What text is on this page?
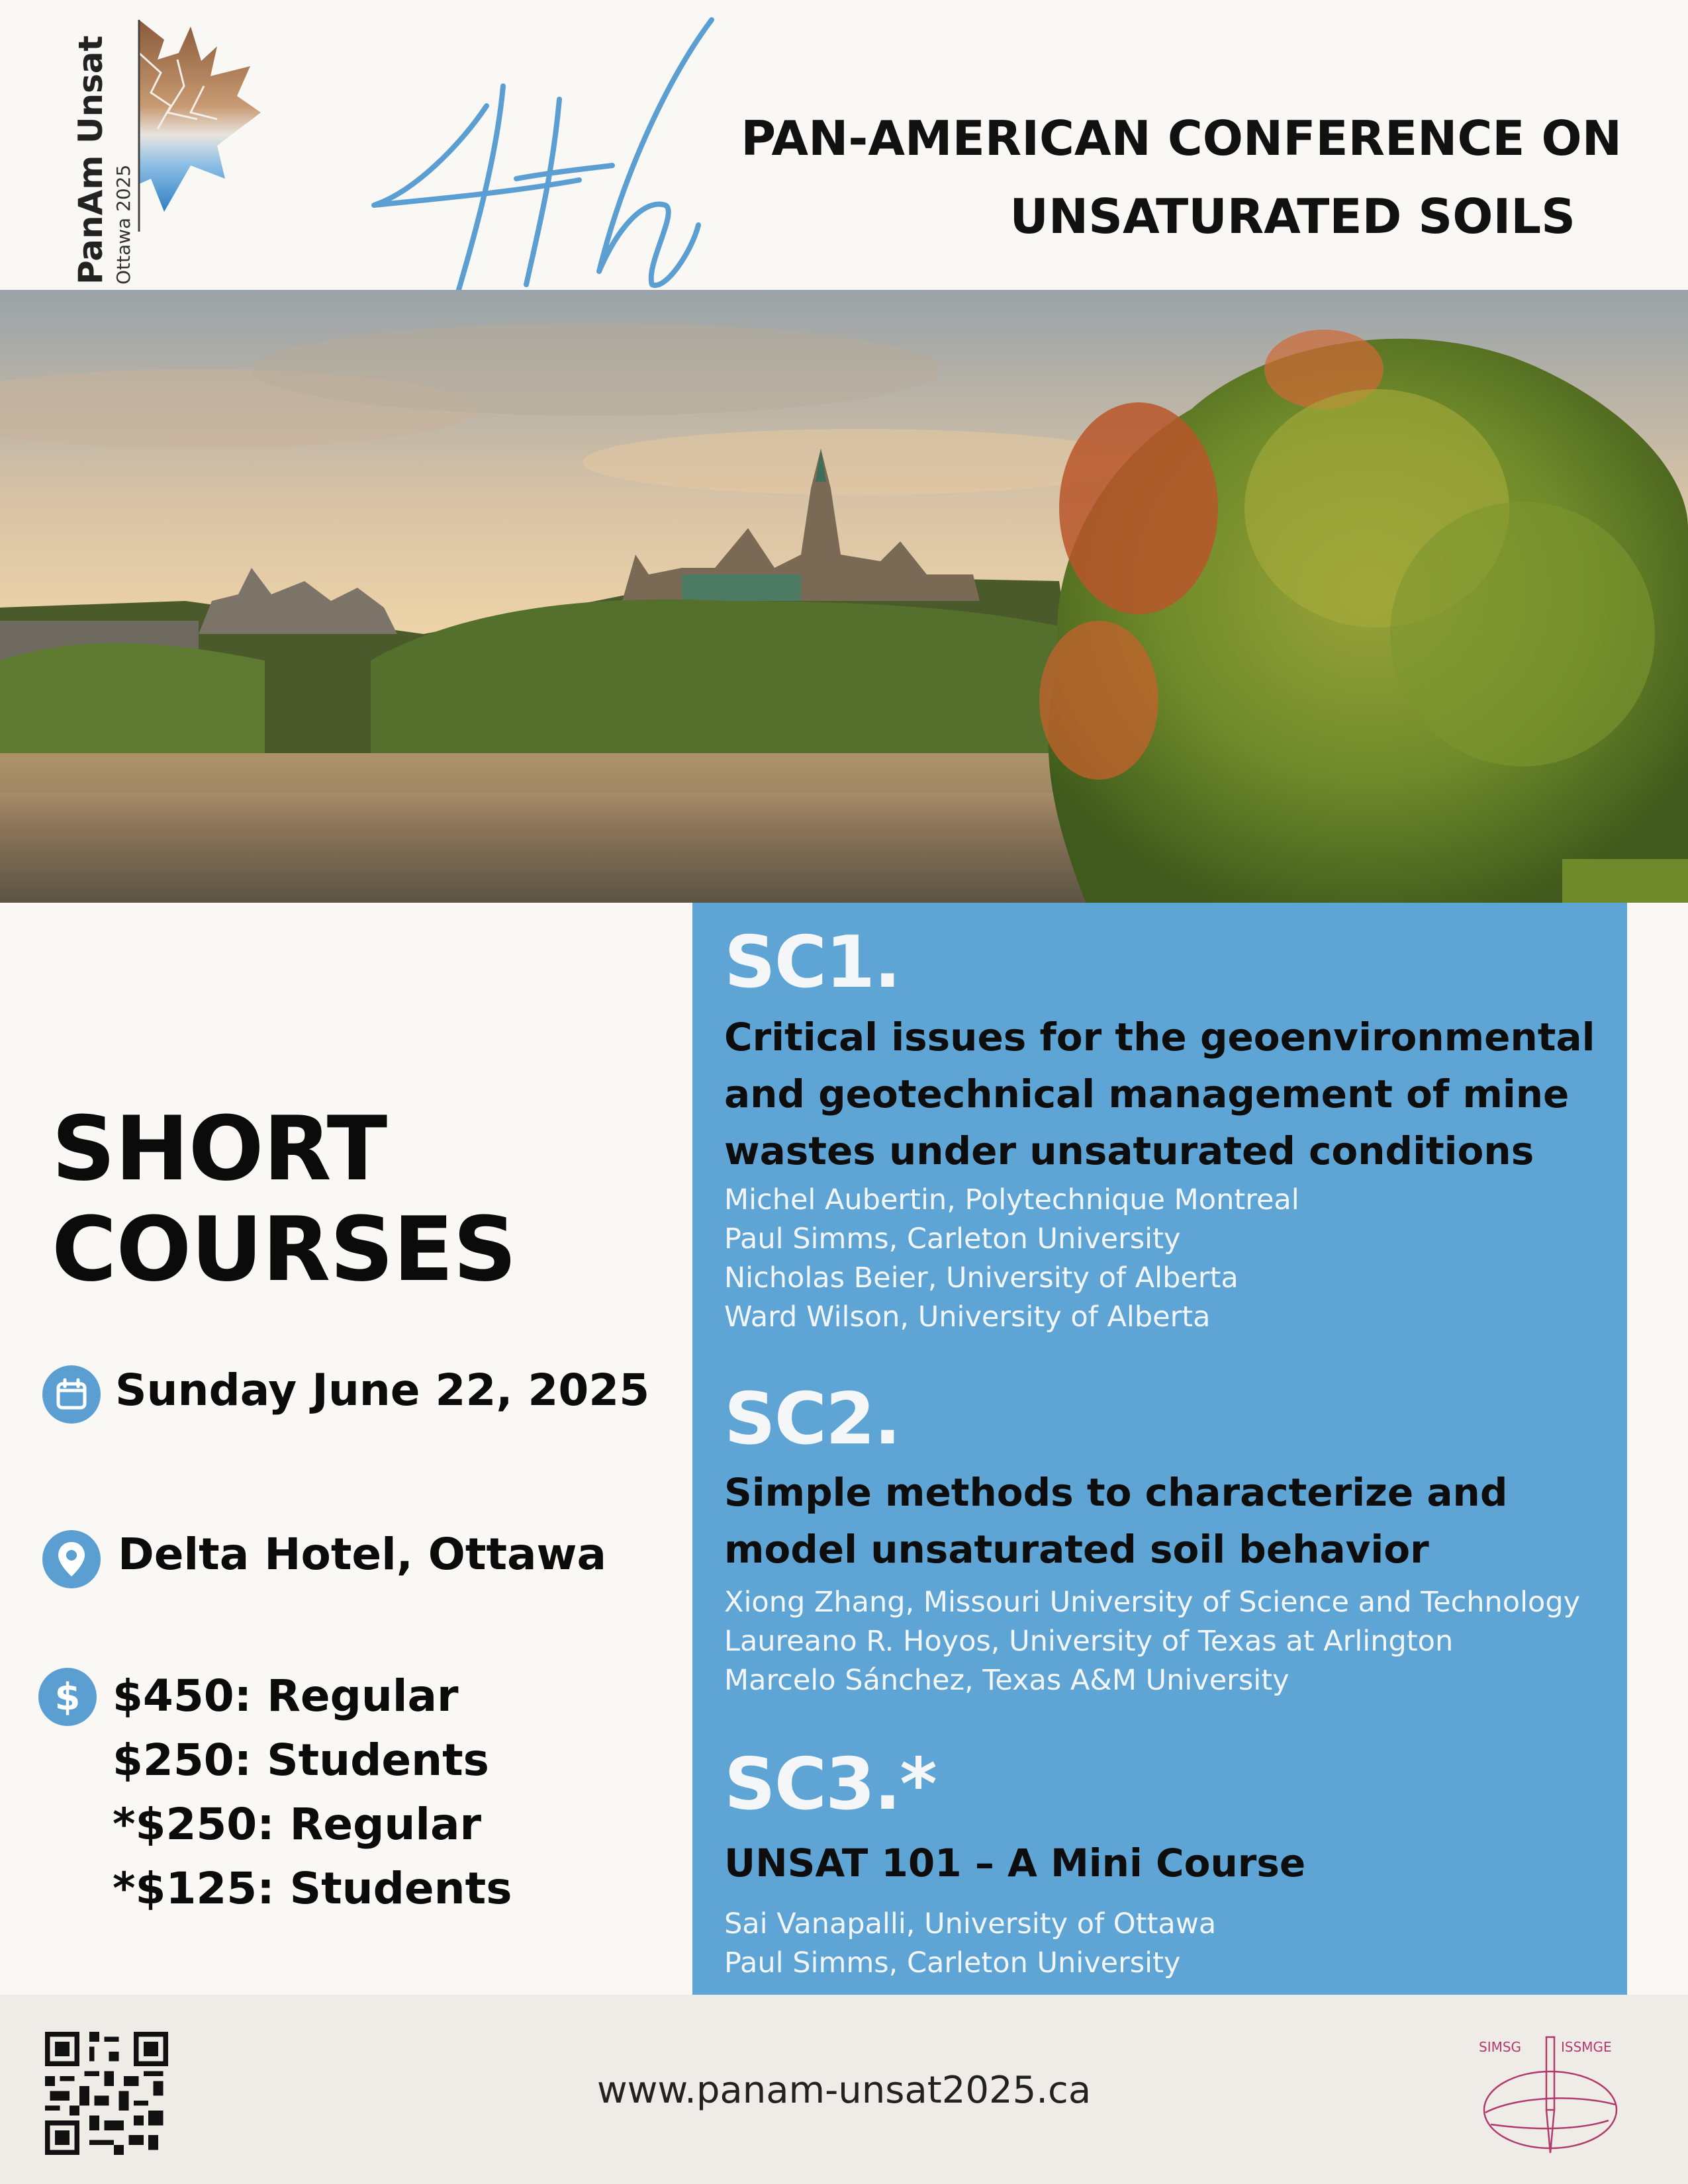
PanAm Unsat Ottawa 2025
PAN-AMERICAN CONFERENCE ON
UNSATURATED SOILS
SHORT
COURSES
Sunday June 22, 2025
Delta Hotel, Ottawa
$ $450: Regular
$250: Students
*$250: Regular
*$125: Students
SC1.
Critical issues for the geoenvironmental
and geotechnical management of mine
wastes under unsaturated conditions
Michel Aubertin, Polytechnique Montreal
Paul Simms, Carleton University
Nicholas Beier, University of Alberta
Ward Wilson, University of Alberta
SC2.
Simple methods to characterize and
model unsaturated soil behavior
Xiong Zhang, Missouri University of Science and Technology
Laureano R. Hoyos, University of Texas at Arlington
Marcelo Sánchez, Texas A&M University
SC3.*
UNSAT 101 – A Mini Course
Sai Vanapalli, University of Ottawa
Paul Simms, Carleton University
www.panam-unsat2025.ca
SIMSG	ISSMGE
